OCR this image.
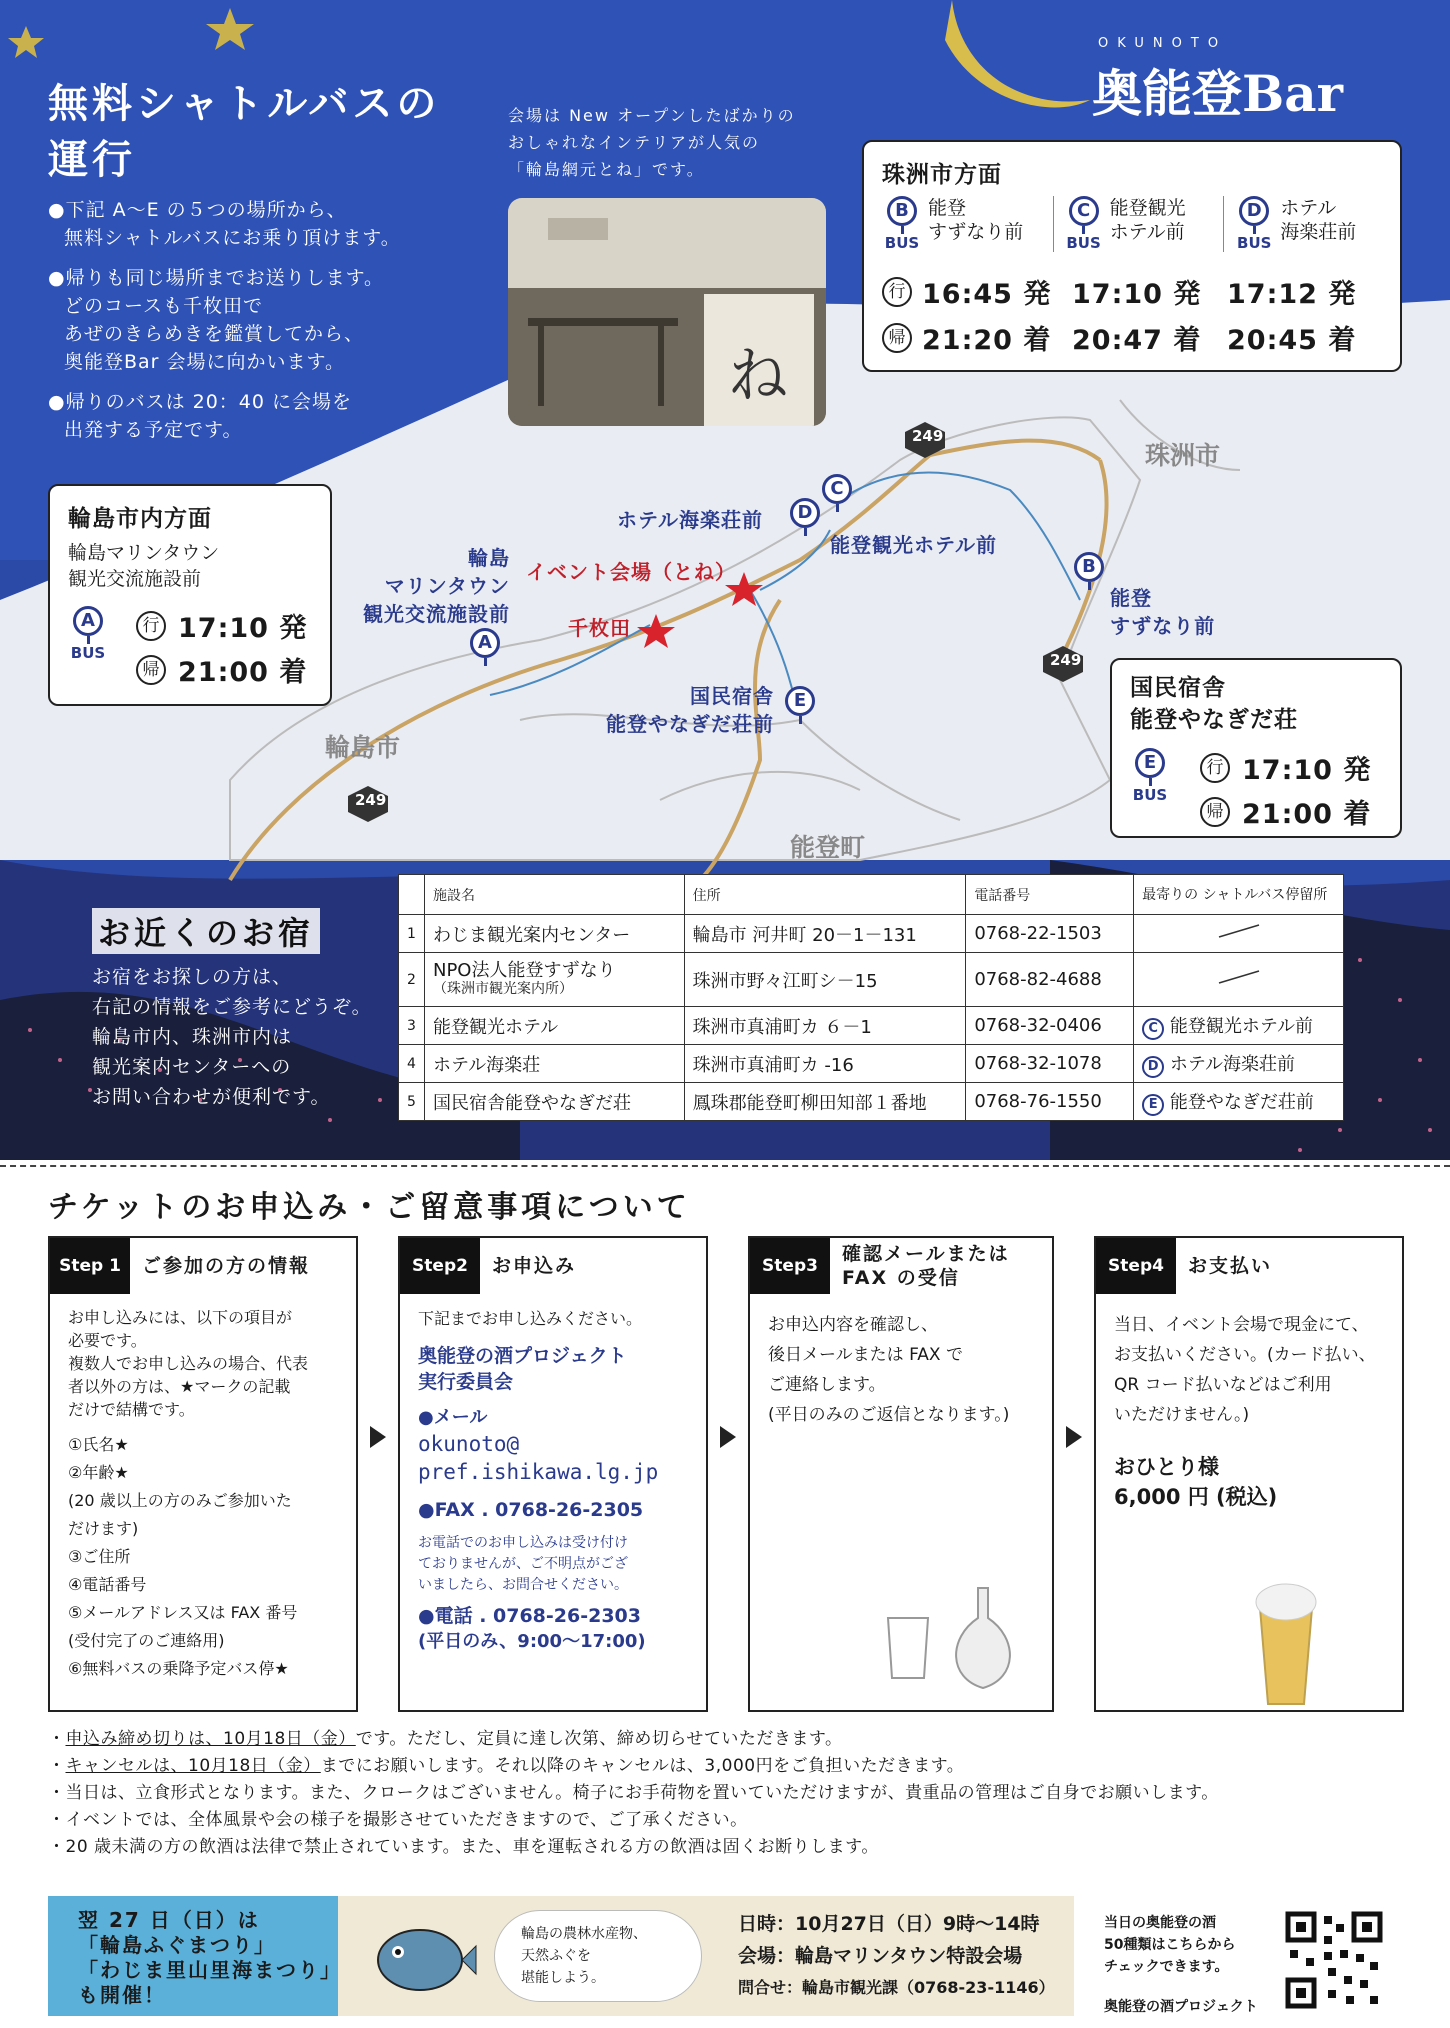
249
249
249
珠洲市
輪島市
能登町
ホテル海楽荘前	D
C
能登観光ホテル前
イベント会場（とね）
千枚田
輪島
マリンタウン
観光交流施設前
A
B
能登
すずなり前
国民宿舎
能登やなぎだ荘前
E
OKUNOTO
奥能登Bar
無料シャトルバスの
運行
●下記 A〜E の５つの場所から、
無料シャトルバスにお乗り頂けます。
●帰りも同じ場所までお送りします。
どのコースも千枚田で
あぜのきらめきを鑑賞してから、
奥能登Bar 会場に向かいます。
●帰りのバスは 20：40 に会場を
出発する予定です。
会場は New オープンしたばかりの
おしゃれなインテリアが人気の
「輪島網元とね」です。
ね
珠洲市方面
B
BUS
能登
すずなり前
C
BUS
能登観光
ホテル前
D
BUS
ホテル
海楽荘前
行 16:45 発 17:10 発 17:12 発
帰 21:20 着 20:47 着 20:45 着
輪島市内方面
輪島マリンタウン
観光交流施設前
A
BUS
行 17:10 発
帰 21:00 着	国民宿舎
能登やなぎだ荘
E
BUS
行 17:10 発
帰 21:00 着
お近くのお宿
お宿をお探しの方は、
右記の情報をご参考にどうぞ。
輪島市内、珠洲市内は
観光案内センターへの
お問い合わせが便利です。
	施設名	住所	電話番号	最寄りの シャトルバス停留所
1	わじま観光案内センター	輪島市 河井町 20－1－131	0768-22-1503	
2	NPO法人能登すずなり
（珠洲市観光案内所）	珠洲市野々江町シ－15	0768-82-4688	
3	能登観光ホテル	珠洲市真浦町カ ６－1	0768-32-0406	C 能登観光ホテル前
4	ホテル海楽荘	珠洲市真浦町カ -16	0768-32-1078	D ホテル海楽荘前
5	国民宿舎能登やなぎだ荘	鳳珠郡能登町柳田知部１番地	0768-76-1550	E 能登やなぎだ荘前
チケットのお申込み・ご留意事項について
Step 1	ご参加の方の情報
お申し込みには、以下の項目が
必要です。
複数人でお申し込みの場合、代表
者以外の方は、★マークの記載
だけで結構です。
①氏名★
②年齢★
(20 歳以上の方のみご参加いた
だけます)
③ご住所
④電話番号
⑤メールアドレス又は FAX 番号
(受付完了のご連絡用)
⑥無料バスの乗降予定バス停★
Step2	お申込み
下記までお申し込みください。
奥能登の酒プロジェクト
実行委員会
●メール
okunoto@
pref.ishikawa.lg.jp
●FAX . 0768-26-2305
お電話でのお申し込みは受け付け
ておりませんが、ご不明点がござ
いましたら、お問合せください。
●電話 . 0768-26-2303
(平日のみ、9:00〜17:00)
Step3
確認メールまたは
FAX の受信
お申込内容を確認し、
後日メールまたは FAX で
ご連絡します。
(平日のみのご返信となります。)
Step4	お支払い
当日、イベント会場で現金にて、
お支払いください。(カード払い、
QR コード払いなどはご利用
いただけません。)
おひとり様
6,000 円 (税込)
・申込み締め切りは、10月18日（金）です。ただし、定員に達し次第、締め切らせていただきます。
・キャンセルは、10月18日（金）までにお願いします。それ以降のキャンセルは、3,000円をご負担いただきます。
・当日は、立食形式となります。また、クロークはございません。椅子にお手荷物を置いていただけますが、貴重品の管理はご自身でお願いします。
・イベントでは、全体風景や会の様子を撮影させていただきますので、ご了承ください。
・20 歳未満の方の飲酒は法律で禁止されています。また、車を運転される方の飲酒は固くお断りします。
翌 27 日（日）は
「輪島ふぐまつり」
「わじま里山里海まつり」
も開催！
輪島の農林水産物、
天然ふぐを
堪能しよう。
日時：10月27日（日）9時〜14時
会場：輪島マリンタウン特設会場
問合せ：輪島市観光課（0768-23-1146）
当日の奥能登の酒
50種類はこちらから
チェックできます。
奥能登の酒プロジェクト
